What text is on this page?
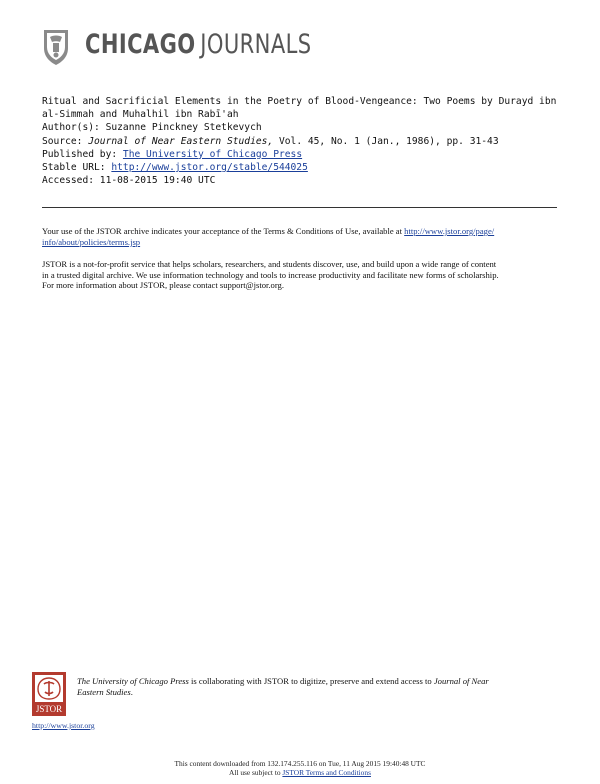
CHICAGO JOURNALS
Ritual and Sacrificial Elements in the Poetry of Blood-Vengeance: Two Poems by Durayd ibn
al-Simmah and Muhalhil ibn Rabī'ah
Author(s): Suzanne Pinckney Stetkevych
Source: Journal of Near Eastern Studies, Vol. 45, No. 1 (Jan., 1986), pp. 31-43
Published by: The University of Chicago Press
Stable URL: http://www.jstor.org/stable/544025
Accessed: 11-08-2015 19:40 UTC
Your use of the JSTOR archive indicates your acceptance of the Terms & Conditions of Use, available at http://www.jstor.org/page/
info/about/policies/terms.jsp
JSTOR is a not-for-profit service that helps scholars, researchers, and students discover, use, and build upon a wide range of content
in a trusted digital archive. We use information technology and tools to increase productivity and facilitate new forms of scholarship.
For more information about JSTOR, please contact support@jstor.org.
JSTOR
The University of Chicago Press is collaborating with JSTOR to digitize, preserve and extend access to Journal of Near
Eastern Studies.
http://www.jstor.org
This content downloaded from 132.174.255.116 on Tue, 11 Aug 2015 19:40:48 UTC
All use subject to JSTOR Terms and Conditions
